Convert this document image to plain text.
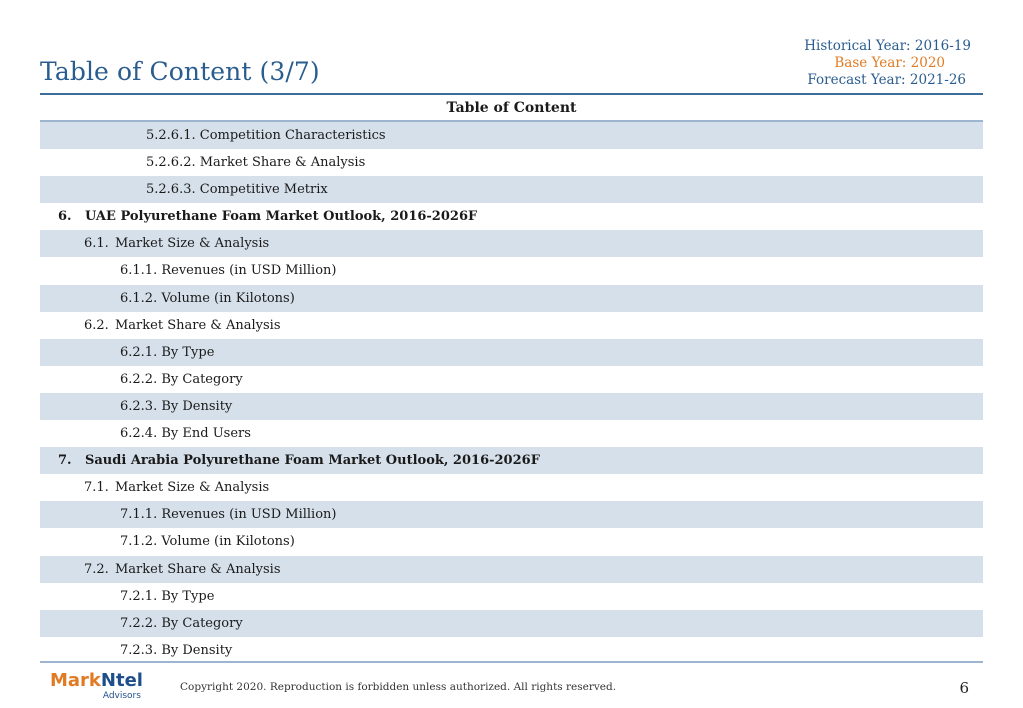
Table of Content (3/7)
Historical Year: 2016-19
Base Year: 2020
Forecast Year: 2021-26
Table of Content
5.2.6.1. Competition Characteristics
5.2.6.2. Market Share & Analysis
5.2.6.3. Competitive Metrix
6. UAE Polyurethane Foam Market Outlook, 2016-2026F
6.1. Market Size & Analysis
6.1.1. Revenues (in USD Million)
6.1.2. Volume (in Kilotons)
6.2. Market Share & Analysis
6.2.1. By Type
6.2.2. By Category
6.2.3. By Density
6.2.4. By End Users
7. Saudi Arabia Polyurethane Foam Market Outlook, 2016-2026F
7.1. Market Size & Analysis
7.1.1. Revenues (in USD Million)
7.1.2. Volume (in Kilotons)
7.2. Market Share & Analysis
7.2.1. By Type
7.2.2. By Category
7.2.3. By Density
MarkNtel
Advisors
Copyright 2020. Reproduction is forbidden unless authorized. All rights reserved.	6
